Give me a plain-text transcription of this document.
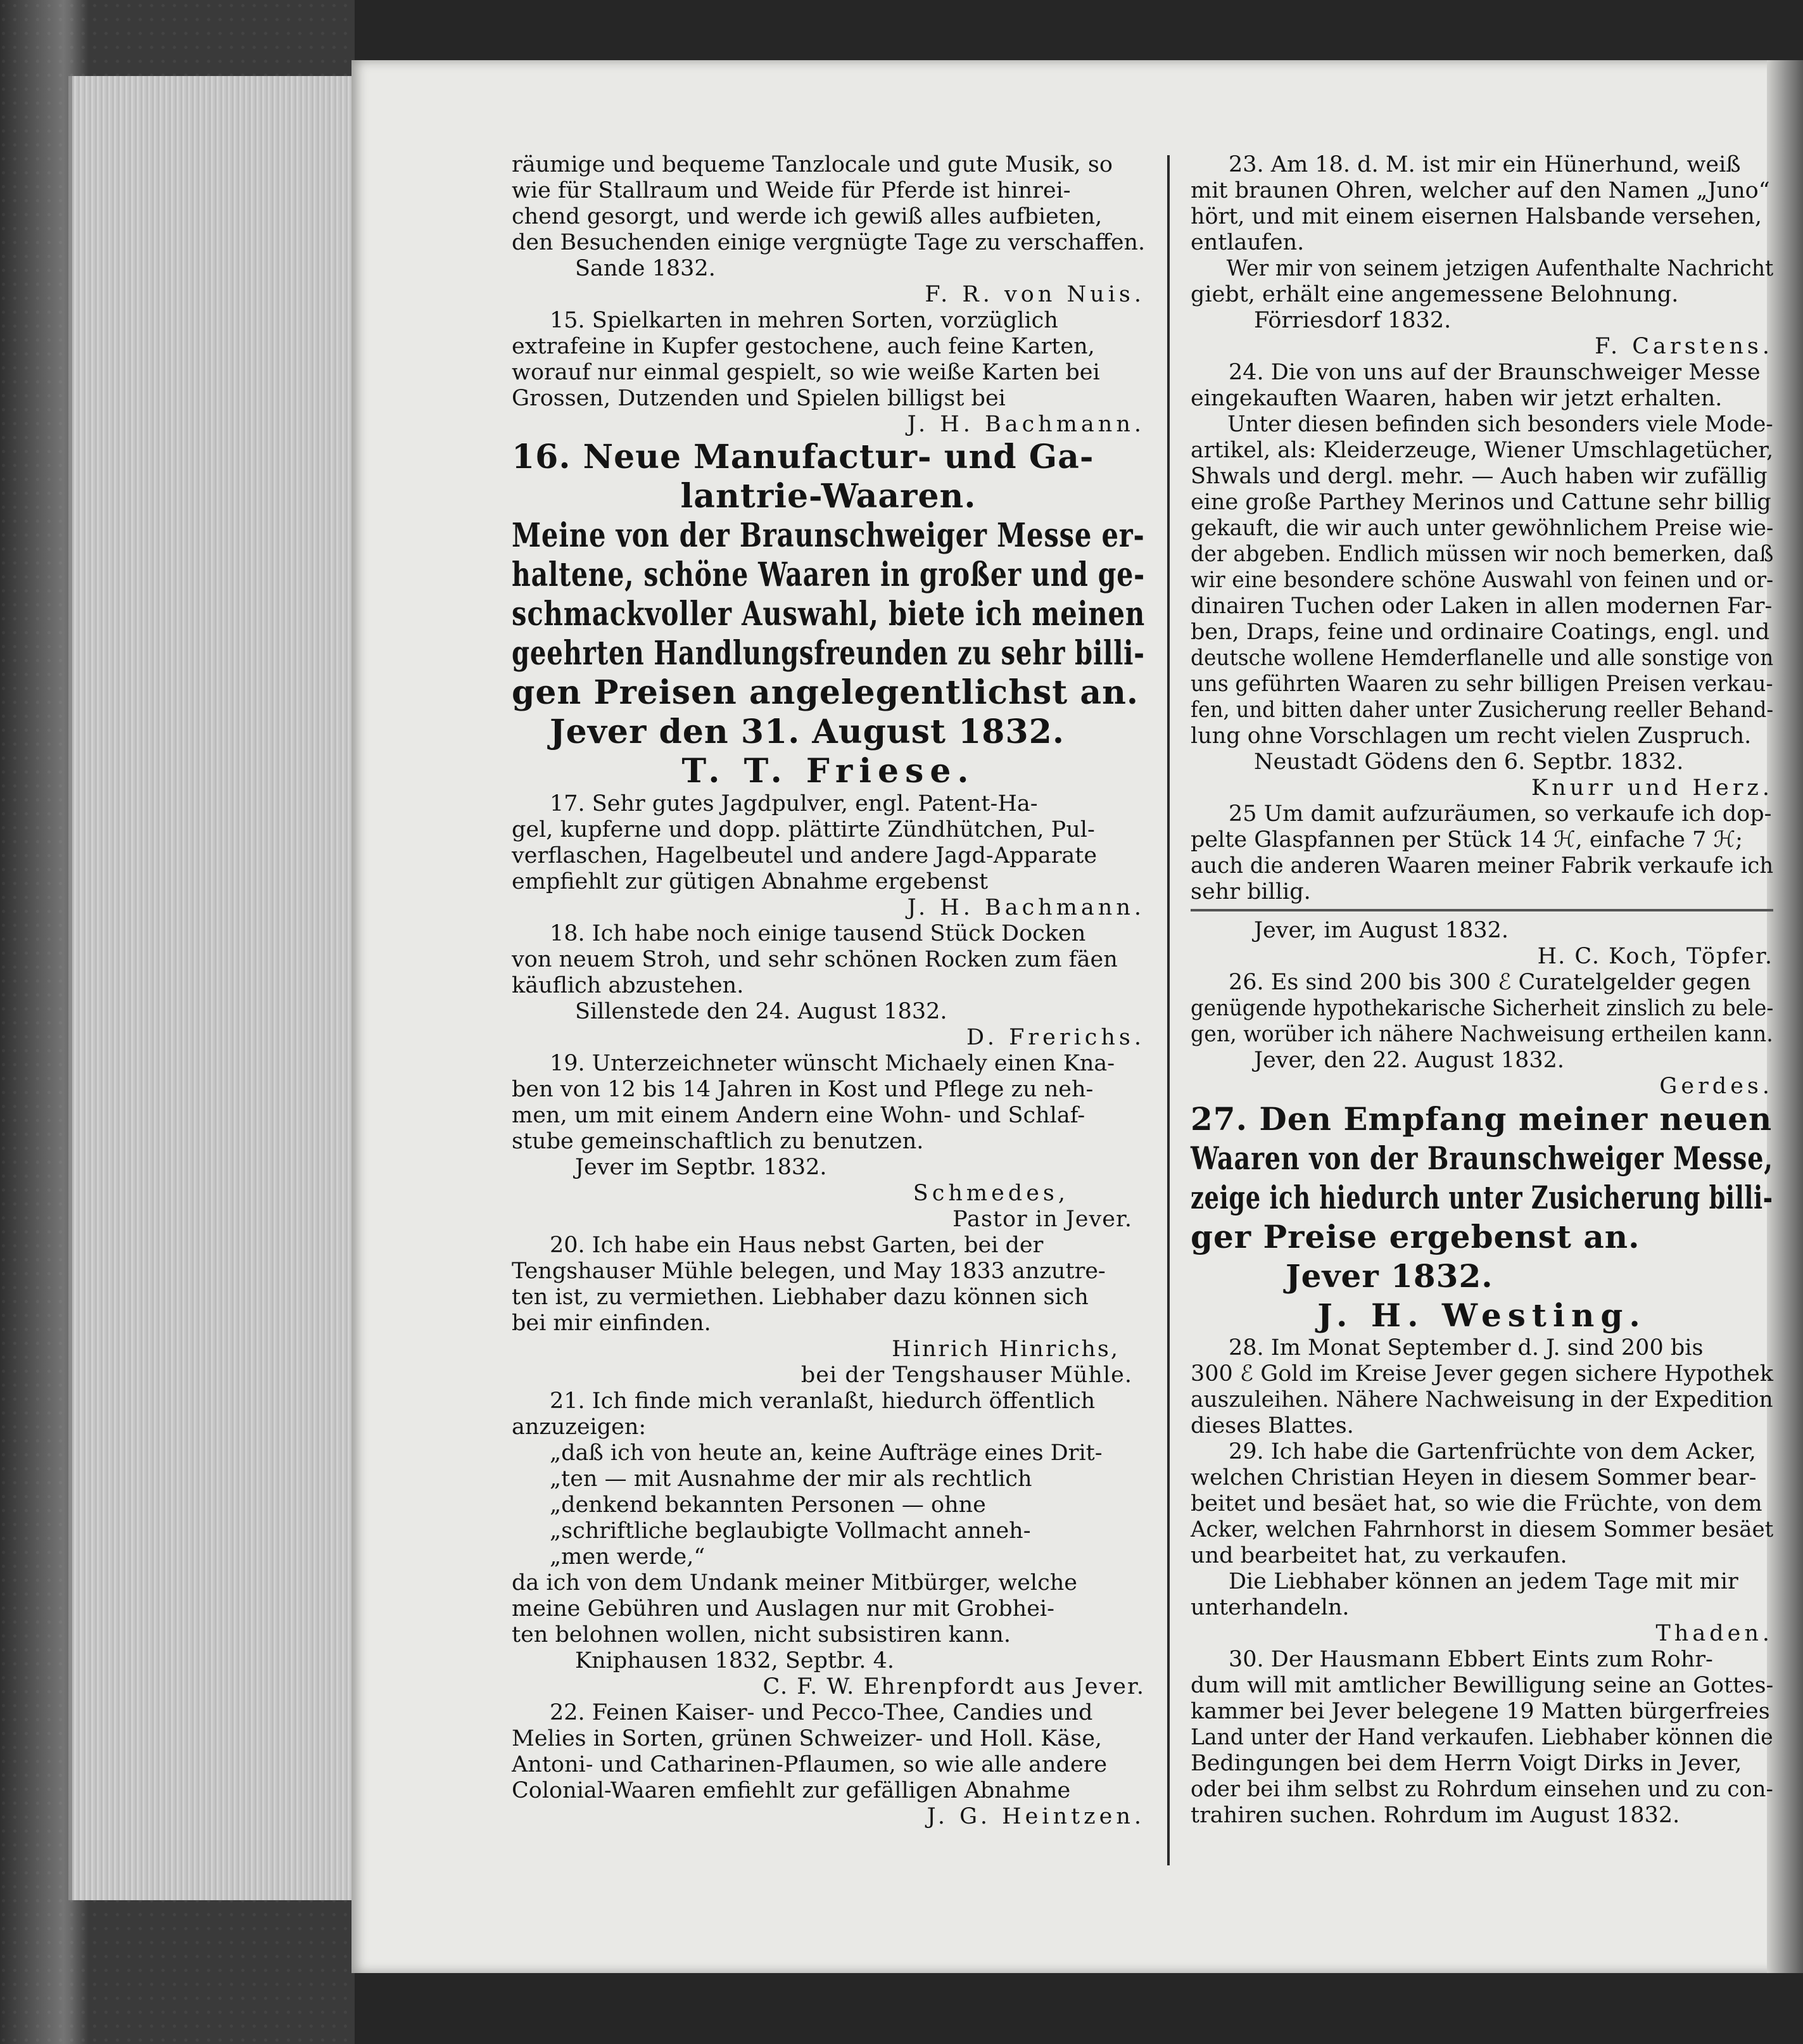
räumige und bequeme Tanzlocale und gute Musik, so

wie für Stallraum und Weide für Pferde ist hinrei-

chend gesorgt, und werde ich gewiß alles aufbieten,

den Besuchenden einige vergnügte Tage zu verschaffen.

Sande 1832.

F. R. von Nuis.

15. Spielkarten in mehren Sorten, vorzüglich

extrafeine in Kupfer gestochene, auch feine Karten,

worauf nur einmal gespielt, so wie weiße Karten bei

Grossen, Dutzenden und Spielen billigst bei

J. H. Bachmann.

16. Neue Manufactur- und Ga-

lantrie-Waaren.

Meine von der Braunschweiger Messe er-

haltene, schöne Waaren in großer und ge-

schmackvoller Auswahl, biete ich meinen

geehrten Handlungsfreunden zu sehr billi-

gen Preisen angelegentlichst an.

Jever den 31. August 1832.

T. T. Friese.

17. Sehr gutes Jagdpulver, engl. Patent-Ha-

gel, kupferne und dopp. plättirte Zündhütchen, Pul-

verflaschen, Hagelbeutel und andere Jagd-Apparate

empfiehlt zur gütigen Abnahme ergebenst

J. H. Bachmann.

18. Ich habe noch einige tausend Stück Docken

von neuem Stroh, und sehr schönen Rocken zum fäen

käuflich abzustehen.

Sillenstede den 24. August 1832.

D. Frerichs.

19. Unterzeichneter wünscht Michaely einen Kna-

ben von 12 bis 14 Jahren in Kost und Pflege zu neh-

men, um mit einem Andern eine Wohn- und Schlaf-

stube gemeinschaftlich zu benutzen.

Jever im Septbr. 1832.

Schmedes,

Pastor in Jever.

20. Ich habe ein Haus nebst Garten, bei der

Tengshauser Mühle belegen, und May 1833 anzutre-

ten ist, zu vermiethen. Liebhaber dazu können sich

bei mir einfinden.

Hinrich Hinrichs,

bei der Tengshauser Mühle.

21. Ich finde mich veranlaßt, hiedurch öffentlich

anzuzeigen:

„daß ich von heute an, keine Aufträge eines Drit-

„ten — mit Ausnahme der mir als rechtlich

„denkend bekannten Personen — ohne

„schriftliche beglaubigte Vollmacht anneh-

„men werde,“

da ich von dem Undank meiner Mitbürger, welche

meine Gebühren und Auslagen nur mit Grobhei-

ten belohnen wollen, nicht subsistiren kann.

Kniphausen 1832, Septbr. 4.

C. F. W. Ehrenpfordt aus Jever.

22. Feinen Kaiser- und Pecco-Thee, Candies und

Melies in Sorten, grünen Schweizer- und Holl. Käse,

Antoni- und Catharinen-Pflaumen, so wie alle andere

Colonial-Waaren emfiehlt zur gefälligen Abnahme

J. G. Heintzen.

23. Am 18. d. M. ist mir ein Hünerhund, weiß

mit braunen Ohren, welcher auf den Namen „Juno“

hört, und mit einem eisernen Halsbande versehen,

entlaufen.

Wer mir von seinem jetzigen Aufenthalte Nachricht

giebt, erhält eine angemessene Belohnung.

Förriesdorf 1832.

F. Carstens.

24. Die von uns auf der Braunschweiger Messe

eingekauften Waaren, haben wir jetzt erhalten.

Unter diesen befinden sich besonders viele Mode-

artikel, als: Kleiderzeuge, Wiener Umschlagetücher,

Shwals und dergl. mehr. — Auch haben wir zufällig

eine große Parthey Merinos und Cattune sehr billig

gekauft, die wir auch unter gewöhnlichem Preise wie-

der abgeben. Endlich müssen wir noch bemerken, daß

wir eine besondere schöne Auswahl von feinen und or-

dinairen Tuchen oder Laken in allen modernen Far-

ben, Draps, feine und ordinaire Coatings, engl. und

deutsche wollene Hemderflanelle und alle sonstige von

uns geführten Waaren zu sehr billigen Preisen verkau-

fen, und bitten daher unter Zusicherung reeller Behand-

lung ohne Vorschlagen um recht vielen Zuspruch.

Neustadt Gödens den 6. Septbr. 1832.

Knurr und Herz.

25 Um damit aufzuräumen, so verkaufe ich dop-

pelte Glaspfannen per Stück 14 ℋ, einfache 7 ℋ;

auch die anderen Waaren meiner Fabrik verkaufe ich

sehr billig.

Jever, im August 1832.

H. C. Koch, Töpfer.

26. Es sind 200 bis 300 ℰ Curatelgelder gegen

genügende hypothekarische Sicherheit zinslich zu bele-

gen, worüber ich nähere Nachweisung ertheilen kann.

Jever, den 22. August 1832.

Gerdes.

27. Den Empfang meiner neuen

Waaren von der Braunschweiger Messe,

zeige ich hiedurch unter Zusicherung billi-

ger Preise ergebenst an.

Jever 1832.

J. H. Westing.

28. Im Monat September d. J. sind 200 bis

300 ℰ Gold im Kreise Jever gegen sichere Hypothek

auszuleihen. Nähere Nachweisung in der Expedition

dieses Blattes.

29. Ich habe die Gartenfrüchte von dem Acker,

welchen Christian Heyen in diesem Sommer bear-

beitet und besäet hat, so wie die Früchte, von dem

Acker, welchen Fahrnhorst in diesem Sommer besäet

und bearbeitet hat, zu verkaufen.

Die Liebhaber können an jedem Tage mit mir

unterhandeln.

Thaden.

30. Der Hausmann Ebbert Eints zum Rohr-

dum will mit amtlicher Bewilligung seine an Gottes-

kammer bei Jever belegene 19 Matten bürgerfreies

Land unter der Hand verkaufen. Liebhaber können die

Bedingungen bei dem Herrn Voigt Dirks in Jever,

oder bei ihm selbst zu Rohrdum einsehen und zu con-

trahiren suchen. Rohrdum im August 1832.
